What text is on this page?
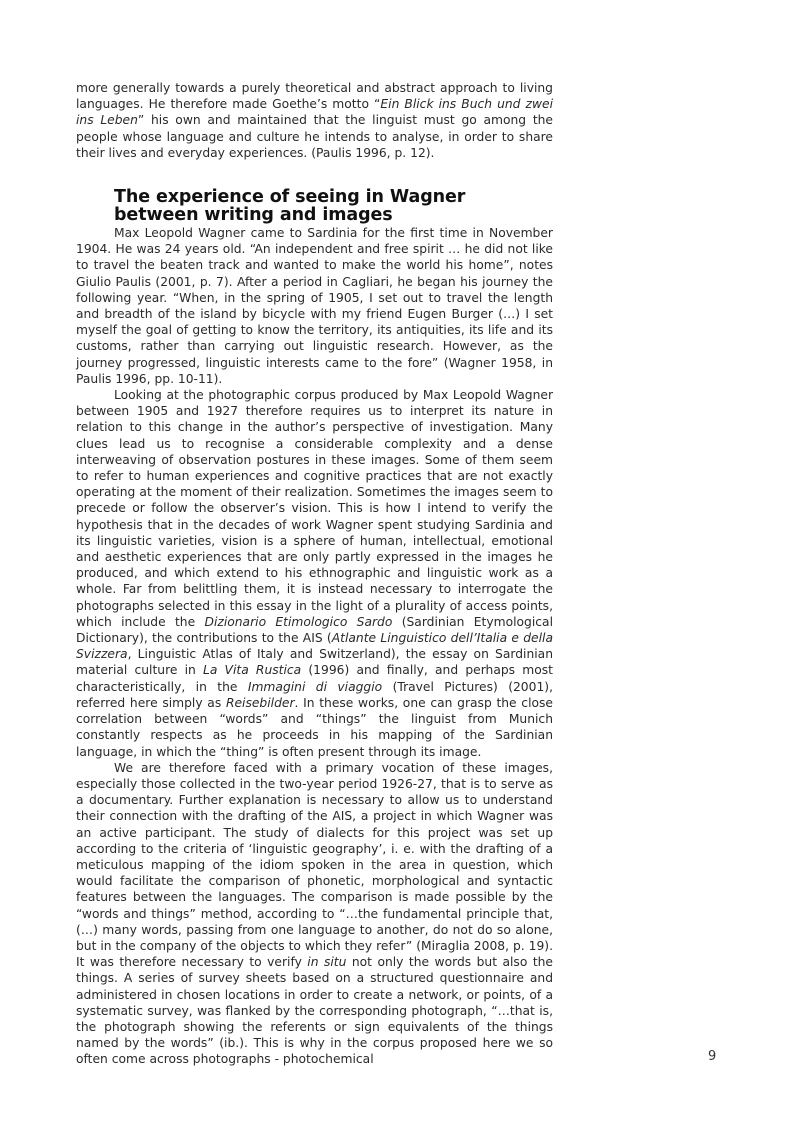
more generally towards a purely theoretical and abstract approach to living languages. He therefore made Goethe’s motto “Ein Blick ins Buch und zwei ins Leben” his own and maintained that the linguist must go among the people whose language and culture he intends to analyse, in order to share their lives and everyday experiences. (Paulis 1996, p. 12).

The experience of seeing in Wagner between writing and images

Max Leopold Wagner came to Sardinia for the first time in November 1904. He was 24 years old. “An independent and free spirit … he did not like to travel the beaten track and wanted to make the world his home”, notes Giulio Paulis (2001, p. 7). After a period in Cagliari, he began his journey the following year. “When, in the spring of 1905, I set out to travel the length and breadth of the island by bicycle with my friend Eugen Burger (…) I set myself the goal of getting to know the territory, its antiquities, its life and its customs, rather than carrying out linguistic research. However, as the journey progressed, linguistic interests came to the fore” (Wagner 1958, in Paulis 1996, pp. 10-11).

Looking at the photographic corpus produced by Max Leopold Wagner between 1905 and 1927 therefore requires us to interpret its nature in relation to this change in the author’s perspective of investigation. Many clues lead us to recognise a considerable complexity and a dense interweaving of observation postures in these images. Some of them seem to refer to human experiences and cognitive practices that are not exactly operating at the moment of their realization. Sometimes the images seem to precede or follow the observer’s vision. This is how I intend to verify the hypothesis that in the decades of work Wagner spent studying Sardinia and its linguistic varieties, vision is a sphere of human, intellectual, emotional and aesthetic experiences that are only partly expressed in the images he produced, and which extend to his ethnographic and linguistic work as a whole. Far from belittling them, it is instead necessary to interrogate the photographs selected in this essay in the light of a plurality of access points, which include the Dizionario Etimologico Sardo (Sardinian Etymological Dictionary), the contributions to the AIS (Atlante Linguistico dell’Italia e della Svizzera, Linguistic Atlas of Italy and Switzerland), the essay on Sardinian material culture in La Vita Rustica (1996) and finally, and perhaps most characteristically, in the Immagini di viaggio (Travel Pictures) (2001), referred here simply as Reisebilder. In these works, one can grasp the close correlation between “words” and “things” the linguist from Munich constantly respects as he proceeds in his mapping of the Sardinian language, in which the “thing” is often present through its image.

We are therefore faced with a primary vocation of these images, especially those collected in the two-year period 1926-27, that is to serve as a documentary. Further explanation is necessary to allow us to understand their connection with the drafting of the AIS, a project in which Wagner was an active participant. The study of dialects for this project was set up according to the criteria of ‘linguistic geography’, i. e. with the drafting of a meticulous mapping of the idiom spoken in the area in question, which would facilitate the comparison of phonetic, morphological and syntactic features between the languages. The comparison is made possible by the “words and things” method, according to “…the fundamental principle that, (…) many words, passing from one language to another, do not do so alone, but in the company of the objects to which they refer” (Miraglia 2008, p. 19). It was therefore necessary to verify in situ not only the words but also the things. A series of survey sheets based on a structured questionnaire and administered in chosen locations in order to create a network, or points, of a systematic survey, was flanked by the corresponding photograph, “…that is, the photograph showing the referents or sign equivalents of the things named by the words” (ib.). This is why in the corpus proposed here we so often come across photographs - photochemical	9
